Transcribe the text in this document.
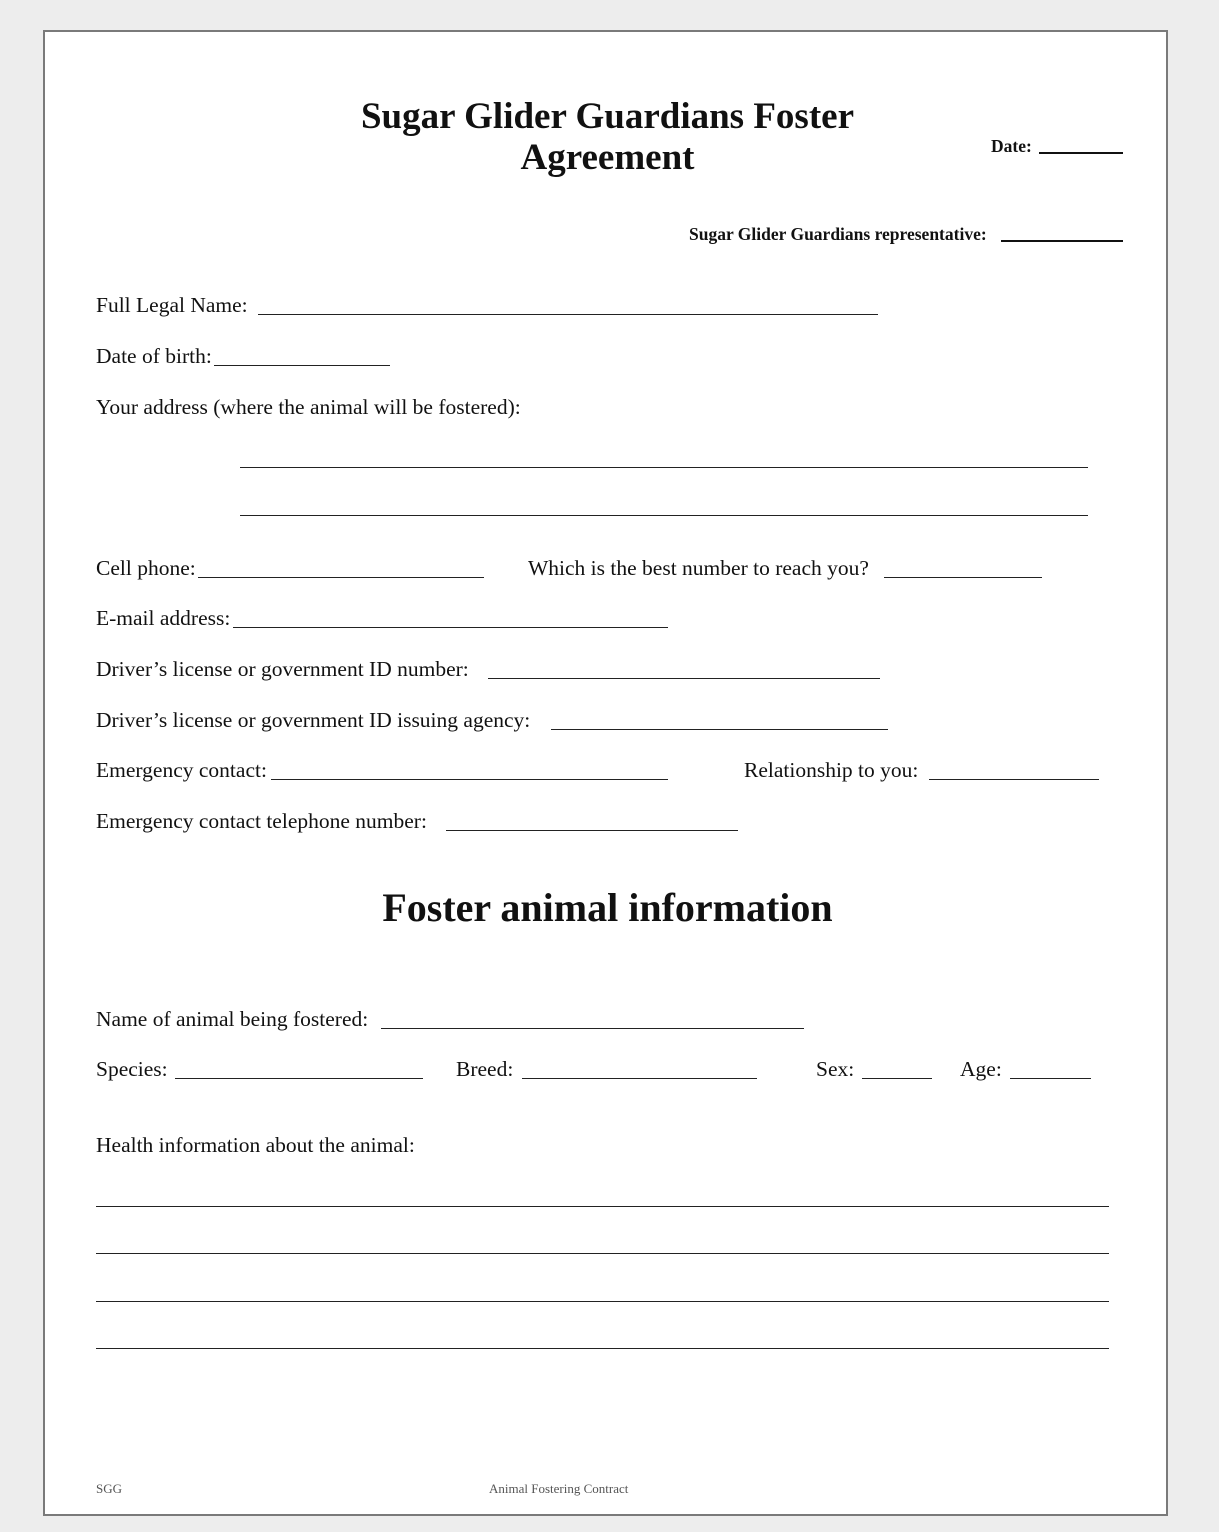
Sugar Glider Guardians Foster Agreement	Date:
Sugar Glider Guardians representative:
Full Legal Name:
Date of birth:
Your address (where the animal will be fostered):
Cell phone:	Which is the best number to reach you?
E-mail address:
Driver’s license or government ID number:
Driver’s license or government ID issuing agency:
Emergency contact:	Relationship to you:
Emergency contact telephone number:
Foster animal information
Name of animal being fostered:
Species:	Breed:	Sex:	Age:
Health information about the animal:
SGG	Animal Fostering Contract
